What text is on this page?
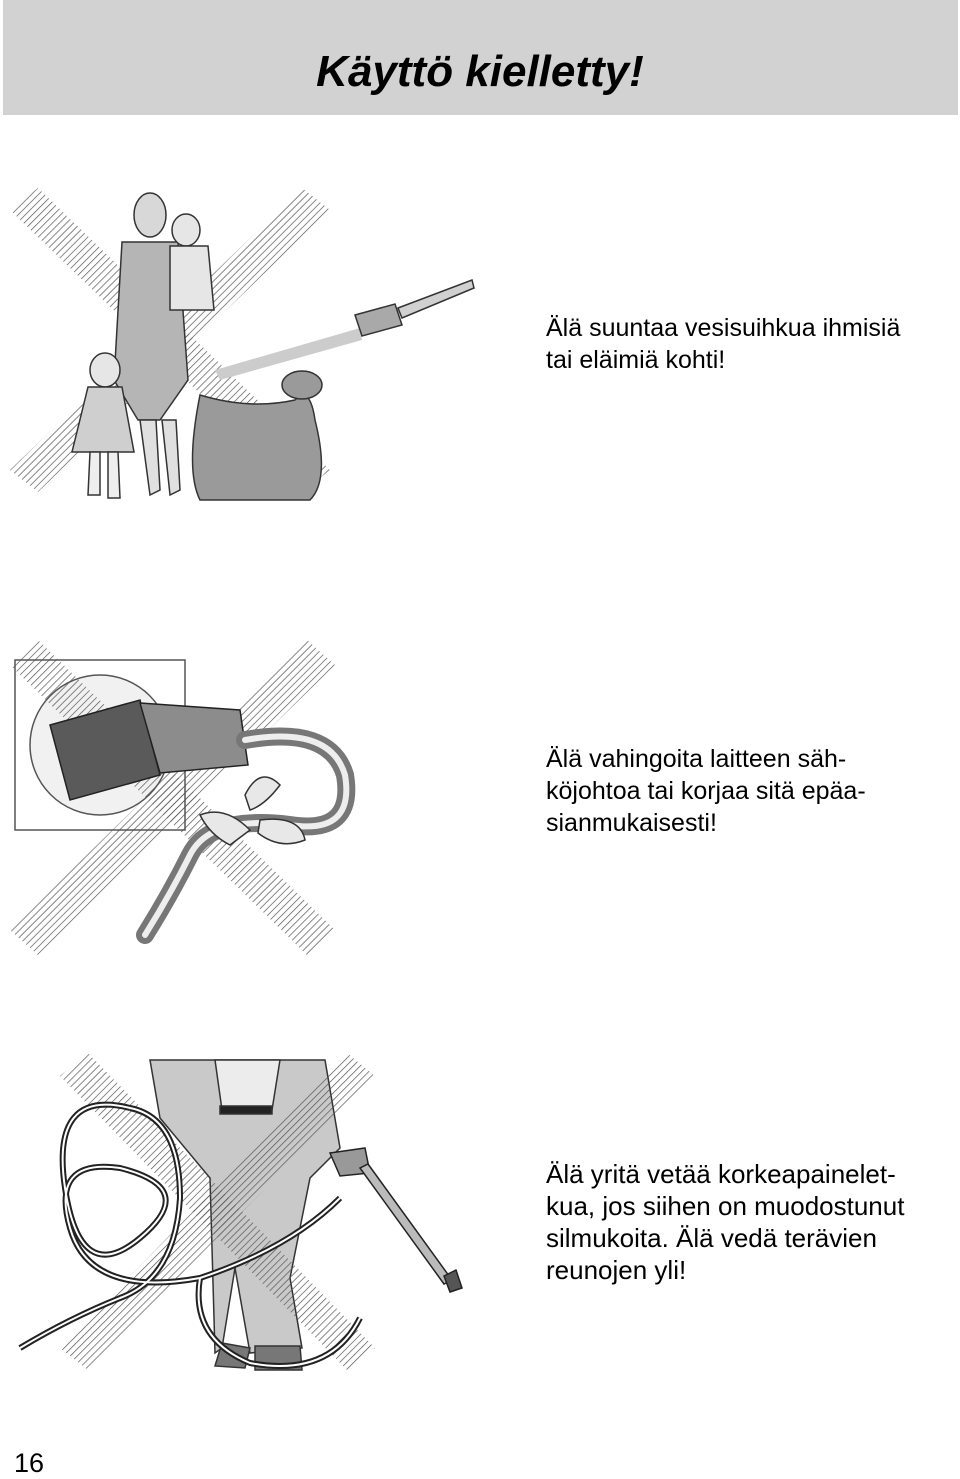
Käyttö kielletty!

Älä suuntaa vesisuihkua ihmisiä
tai eläimiä kohti!

Älä vahingoita laitteen säh-
köjohtoa tai korjaa sitä epäa-
sianmukaisesti!

Älä yritä vetää korkeapainelet-
kua, jos siihen on muodostunut
silmukoita. Älä vedä terävien
reunojen yli!

16
